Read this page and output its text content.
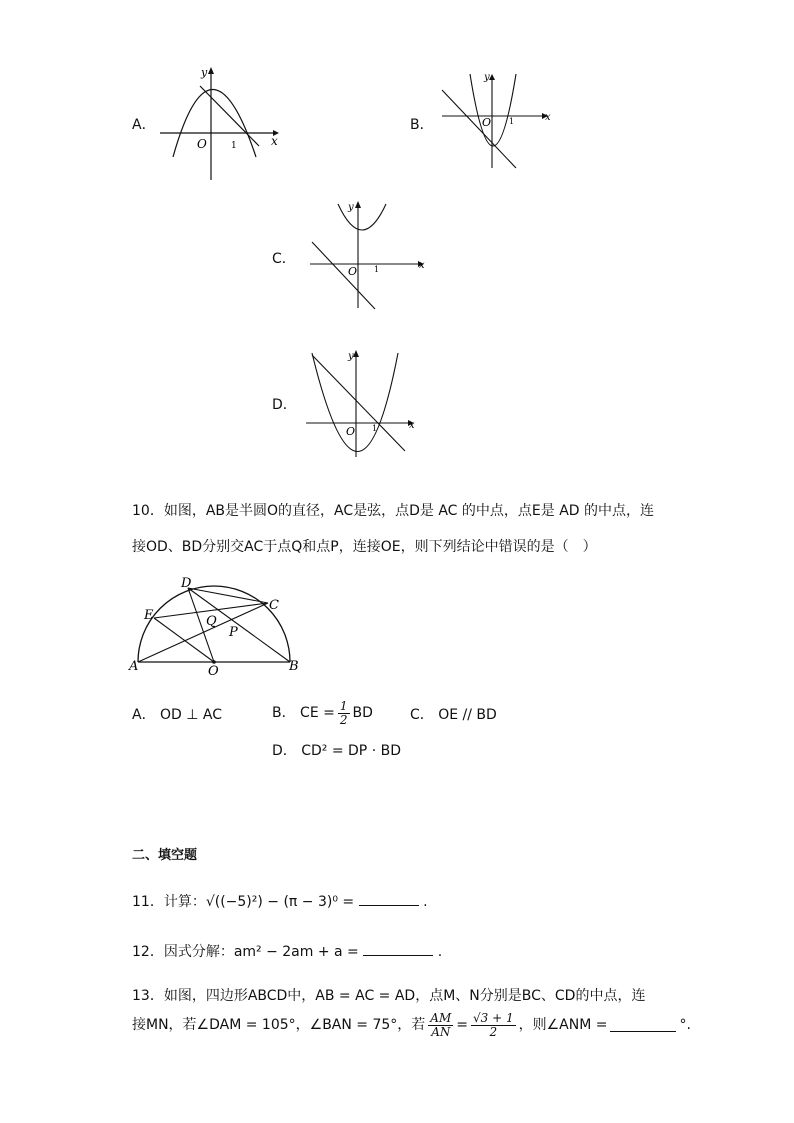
A．
y
x
O	1
B．
y
x
O 1
C．
y
x
O 1
D．
y
x
O 1
10．如图，AB是半圆O的直径，AC是弦，点D是 AC 的中点，点E是 AD 的中点，连
接OD、BD分别交AC于点Q和点P，连接OE，则下列结论中错误的是（　）
A	B
C
D
E
O
P
Q
A． OD ⊥ AC	B． CE = $\frac{1}{2}$ BD	C． OE // BD
D． CD² = DP · BD
二、填空题
11．计算：√((−5)²) − (π − 3)⁰ =	.
12．因式分解：am² − 2am + a =	.
13．如图，四边形ABCD中，AB = AC = AD，点M、N分别是BC、CD的中点，连
接MN，若∠DAM = 105°，∠BAN = 75°，若 $\frac{AM}{AN} = \frac{√3 + 1}{2}$ ，则∠ANM =	°.
